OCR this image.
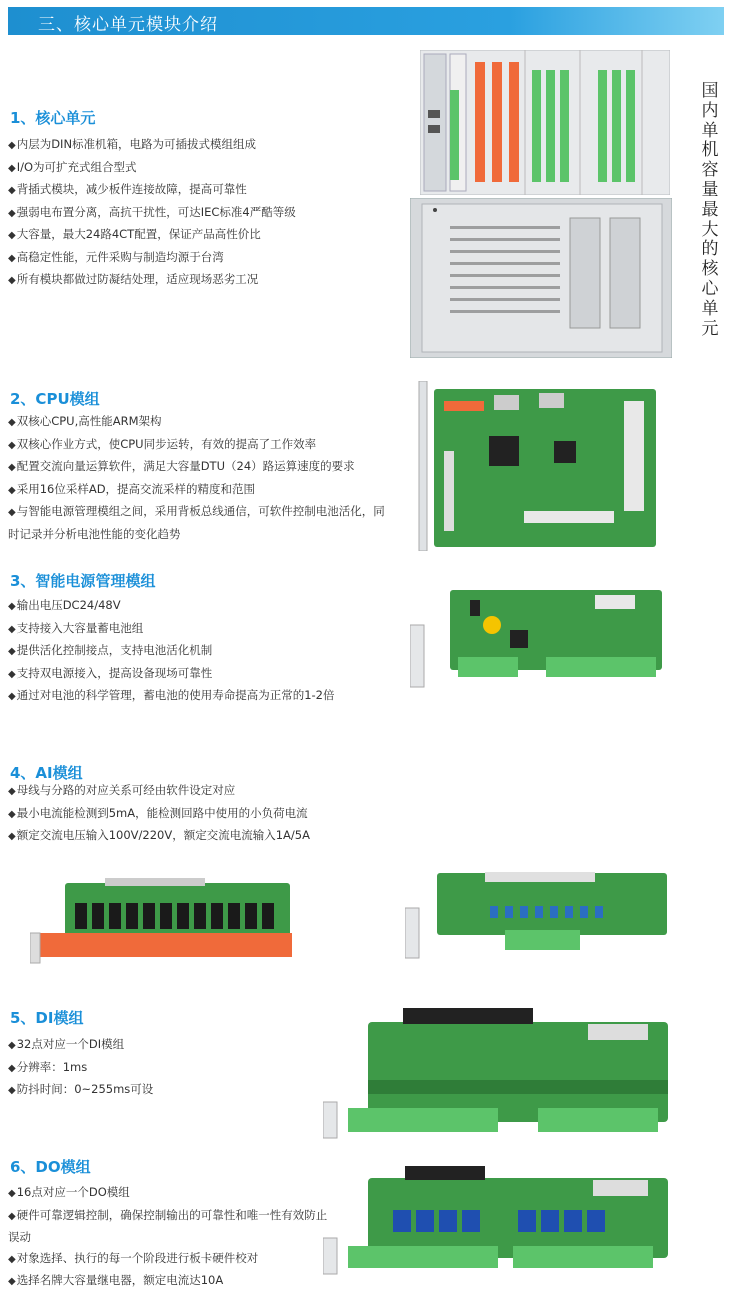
三、核心单元模块介绍
国内单机容量最大的核心单元
1、核心单元
◆内层为DIN标准机箱，电路为可插拔式模组组成
◆I/O为可扩充式组合型式
◆背插式模块，减少板件连接故障，提高可靠性
◆强弱电布置分离，高抗干扰性，可达IEC标准4严酷等级
◆大容量，最大24路4CT配置，保证产品高性价比
◆高稳定性能，元件采购与制造均源于台湾
◆所有模块都做过防凝结处理，适应现场恶劣工况
2、CPU模组
◆双核心CPU,高性能ARM架构
◆双核心作业方式，使CPU同步运转，有效的提高了工作效率
◆配置交流向量运算软件，满足大容量DTU（24）路运算速度的要求
◆采用16位采样AD，提高交流采样的精度和范围
◆与智能电源管理模组之间，采用背板总线通信，可软件控制电池活化，同时记录并分析电池性能的变化趋势
3、智能电源管理模组
◆输出电压DC24/48V
◆支持接入大容量蓄电池组
◆提供活化控制接点，支持电池活化机制
◆支持双电源接入，提高设备现场可靠性
◆通过对电池的科学管理，蓄电池的使用寿命提高为正常的1-2倍
4、AI模组
◆母线与分路的对应关系可经由软件设定对应
◆最小电流能检测到5mA，能检测回路中使用的小负荷电流
◆额定交流电压输入100V/220V，额定交流电流输入1A/5A
5、DI模组
◆32点对应一个DI模组
◆分辨率：1ms
◆防抖时间：0~255ms可设
6、DO模组
◆16点对应一个DO模组
◆硬件可靠逻辑控制，确保控制输出的可靠性和唯一性有效防止误动
◆对象选择、执行的每一个阶段进行板卡硬件校对
◆选择名牌大容量继电器，额定电流达10A
